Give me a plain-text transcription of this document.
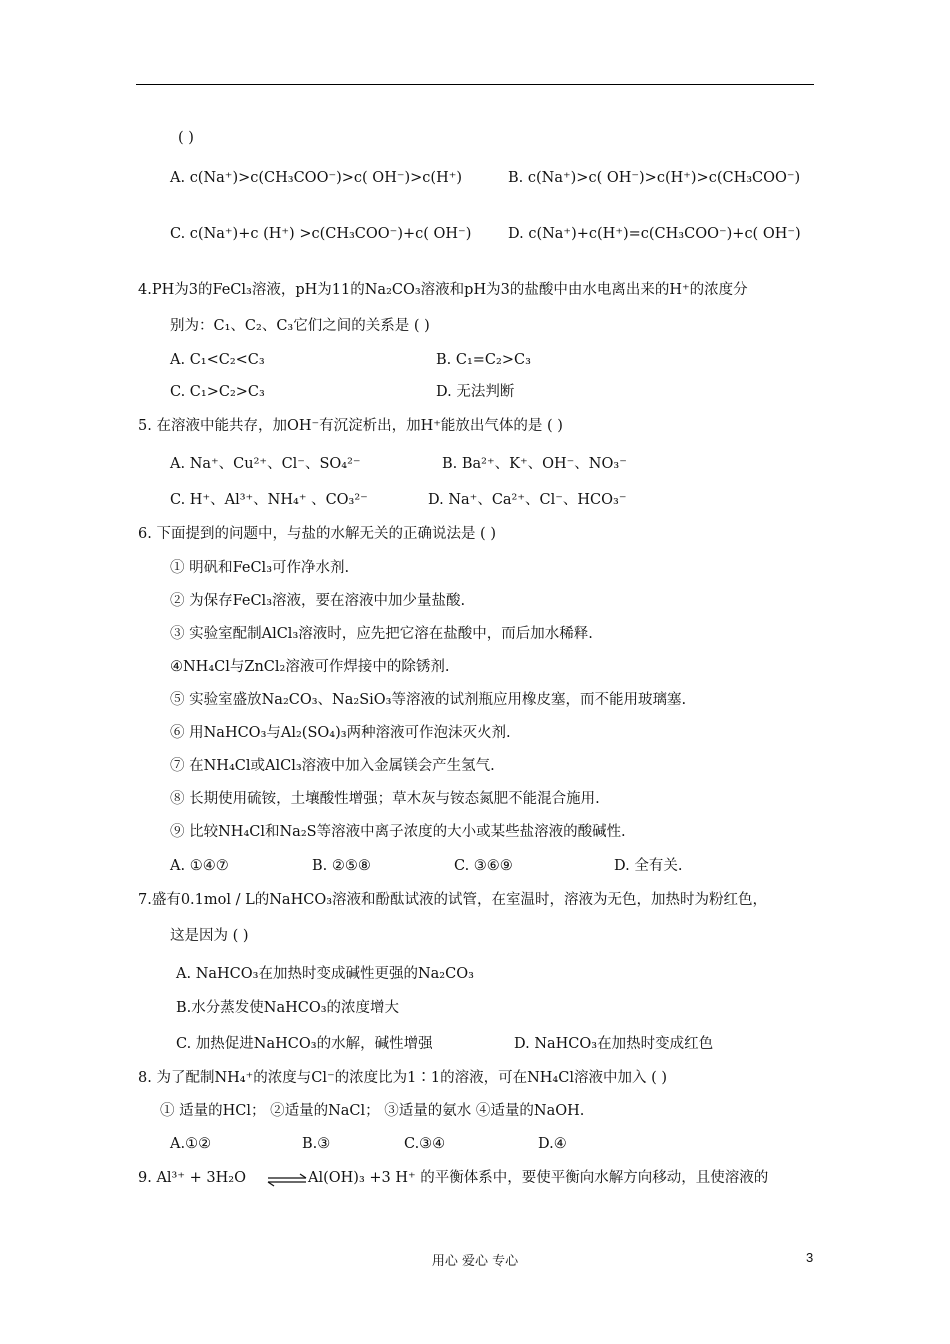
( )
A. c(Na⁺)>c(CH₃COO⁻)>c( OH⁻)>c(H⁺)	B. c(Na⁺)>c( OH⁻)>c(H⁺)>c(CH₃COO⁻)
C. c(Na⁺)+c (H⁺) >c(CH₃COO⁻)+c( OH⁻)	D. c(Na⁺)+c(H⁺)=c(CH₃COO⁻)+c( OH⁻)
4.PH为3的FeCl₃溶液，pH为11的Na₂CO₃溶液和pH为3的盐酸中由水电离出来的H⁺的浓度分
别为：C₁、C₂、C₃它们之间的关系是 ( )
A. C₁<C₂<C₃	B. C₁=C₂>C₃
C. C₁>C₂>C₃	D. 无法判断
5. 在溶液中能共存，加OH⁻有沉淀析出，加H⁺能放出气体的是 ( )
A. Na⁺、Cu²⁺、Cl⁻、SO₄²⁻	B. Ba²⁺、K⁺、OH⁻、NO₃⁻
C. H⁺、Al³⁺、NH₄⁺ 、CO₃²⁻	D. Na⁺、Ca²⁺、Cl⁻、HCO₃⁻
6. 下面提到的问题中，与盐的水解无关的正确说法是 ( )
① 明矾和FeCl₃可作净水剂.
② 为保存FeCl₃溶液，要在溶液中加少量盐酸.
③ 实验室配制AlCl₃溶液时，应先把它溶在盐酸中，而后加水稀释.
④NH₄Cl与ZnCl₂溶液可作焊接中的除锈剂.
⑤ 实验室盛放Na₂CO₃、Na₂SiO₃等溶液的试剂瓶应用橡皮塞，而不能用玻璃塞.
⑥ 用NaHCO₃与Al₂(SO₄)₃两种溶液可作泡沫灭火剂.
⑦ 在NH₄Cl或AlCl₃溶液中加入金属镁会产生氢气.
⑧ 长期使用硫铵，土壤酸性增强；草木灰与铵态氮肥不能混合施用.
⑨ 比较NH₄Cl和Na₂S等溶液中离子浓度的大小或某些盐溶液的酸碱性.
A. ①④⑦	B. ②⑤⑧	C. ③⑥⑨	D. 全有关.
7.盛有0.1mol / L的NaHCO₃溶液和酚酞试液的试管，在室温时，溶液为无色，加热时为粉红色，
这是因为 ( )
A. NaHCO₃在加热时变成碱性更强的Na₂CO₃
B.水分蒸发使NaHCO₃的浓度增大
C. 加热促进NaHCO₃的水解，碱性增强	D. NaHCO₃在加热时变成红色
8. 为了配制NH₄⁺的浓度与Cl⁻的浓度比为1∶1的溶液，可在NH₄Cl溶液中加入 ( )
① 适量的HCl； ②适量的NaCl； ③适量的氨水 ④适量的NaOH.
A.①②	B.③	C.③④	D.④
9. Al³⁺ + 3H₂O ⇌ Al(OH)₃ +3 H⁺ 的平衡体系中，要使平衡向水解方向移动，且使溶液的
用心 爱心 专心	3
